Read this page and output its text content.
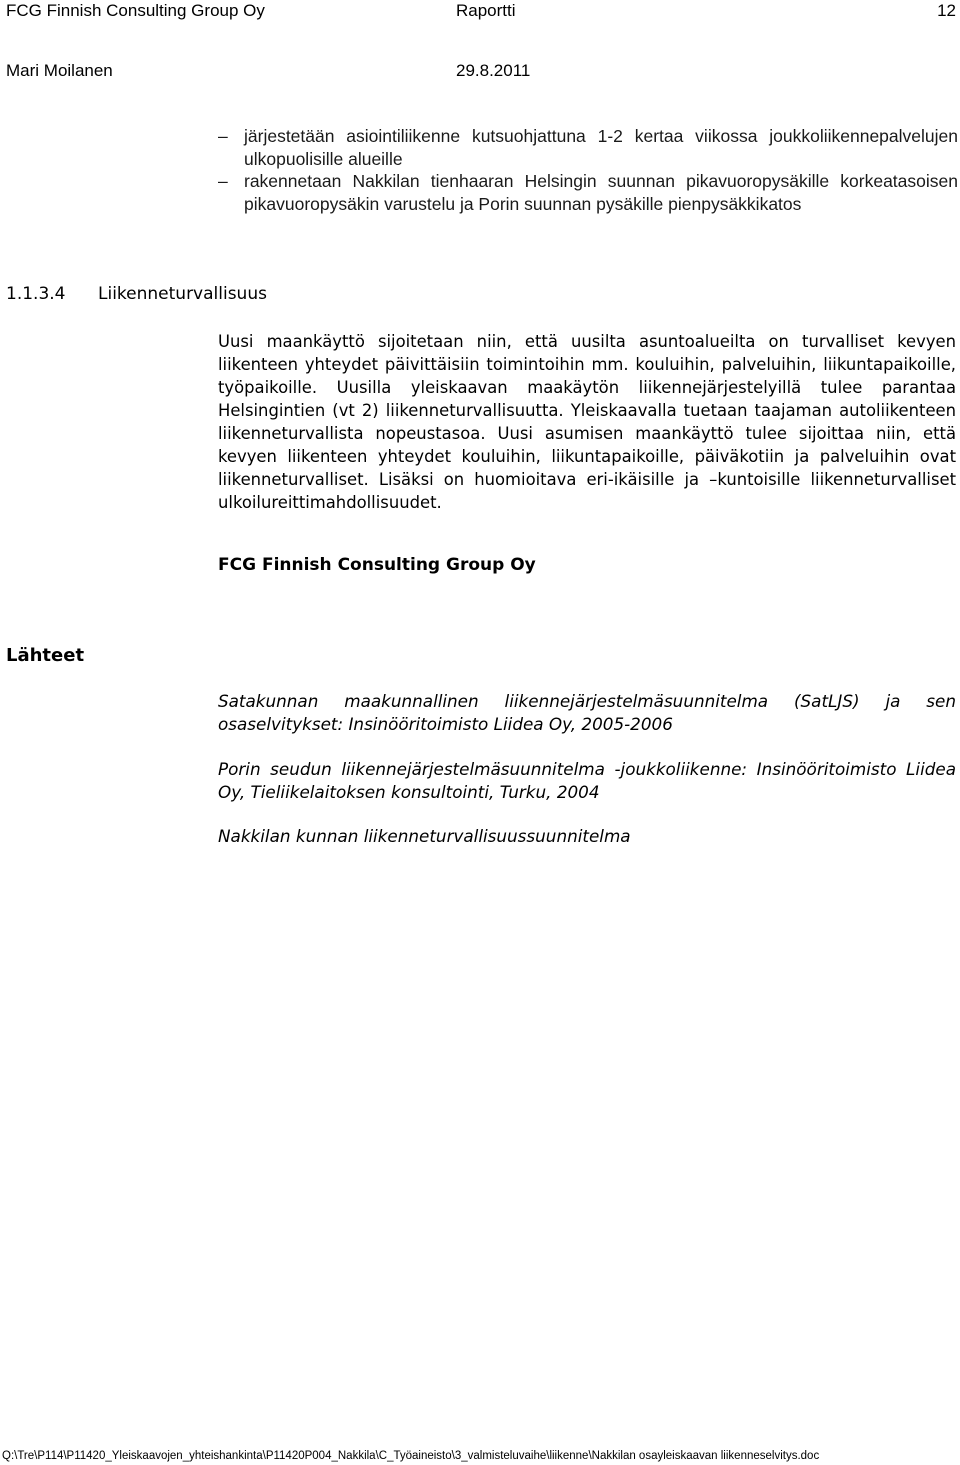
FCG Finnish Consulting Group Oy	Raportti	12
Mari Moilanen	29.8.2011
– järjestetään asiointiliikenne kutsuohjattuna 1-2 kertaa viikossa joukkoliikennepalvelujen ulkopuolisille alueille
– rakennetaan Nakkilan tienhaaran Helsingin suunnan pikavuoropysäkille korkeatasoisen pikavuoropysäkin varustelu ja Porin suunnan pysäkille pienpysäkkikatos
1.1.3.4 Liikenneturvallisuus

Uusi maankäyttö sijoitetaan niin, että uusilta asuntoalueilta on turvalliset kevyen liikenteen yhteydet päivittäisiin toimintoihin mm. kouluihin, palveluihin, liikuntapaikoille, työpaikoille. Uusilla yleiskaavan maakäytön liikennejärjestelyillä tulee parantaa Helsingintien (vt 2) liikenneturvallisuutta. Yleiskaavalla tuetaan taajaman autoliikenteen liikenneturvallista nopeustasoa. Uusi asumisen maankäyttö tulee sijoittaa niin, että kevyen liikenteen yhteydet kouluihin, liikuntapaikoille, päiväkotiin ja palveluihin ovat liikenneturvalliset. Lisäksi on huomioitava eri-ikäisille ja –kuntoisille liikenneturvalliset ulkoilureittimahdollisuudet.

FCG Finnish Consulting Group Oy
Lähteet

Satakunnan maakunnallinen liikennejärjestelmäsuunnitelma (SatLJS) ja sen osaselvitykset: Insinööritoimisto Liidea Oy, 2005-2006

Porin seudun liikennejärjestelmäsuunnitelma -joukkoliikenne: Insinööritoimisto Liidea Oy, Tieliikelaitoksen konsultointi, Turku, 2004

Nakkilan kunnan liikenneturvallisuussuunnitelma

Q:\Tre\P114\P11420_Yleiskaavojen_yhteishankinta\P11420P004_Nakkila\C_Työaineisto\3_valmisteluvaihe\liikenne\Nakkilan osayleiskaavan liikenneselvitys.doc
